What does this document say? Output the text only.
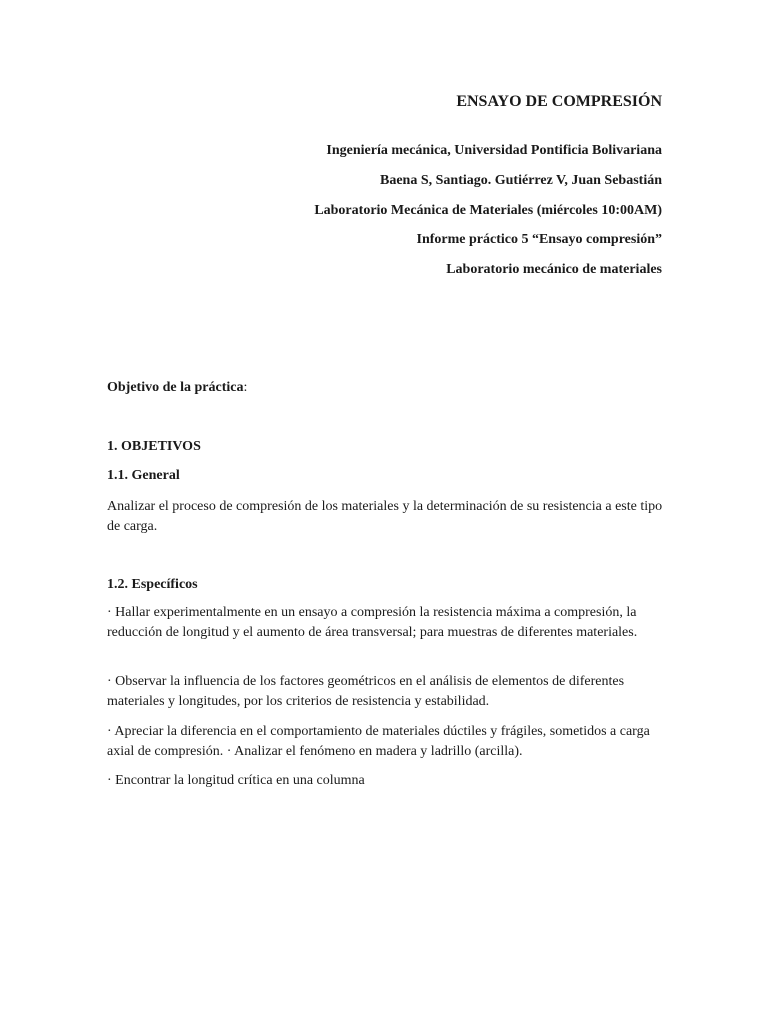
ENSAYO DE COMPRESIÓN
Ingeniería mecánica, Universidad Pontificia Bolivariana
Baena S, Santiago. Gutiérrez V, Juan Sebastián
Laboratorio Mecánica de Materiales (miércoles 10:00AM)
Informe práctico 5 “Ensayo compresión”
Laboratorio mecánico de materiales
Objetivo de la práctica:
1. OBJETIVOS
1.1. General

Analizar el proceso de compresión de los materiales y la determinación de su resistencia a este tipo de carga.

1.2. Específicos

· Hallar experimentalmente en un ensayo a compresión la resistencia máxima a compresión, la reducción de longitud y el aumento de área transversal; para muestras de diferentes materiales.

· Observar la influencia de los factores geométricos en el análisis de elementos de diferentes materiales y longitudes, por los criterios de resistencia y estabilidad.

· Apreciar la diferencia en el comportamiento de materiales dúctiles y frágiles, sometidos a carga axial de compresión. · Analizar el fenómeno en madera y ladrillo (arcilla).

· Encontrar la longitud crítica en una columna
